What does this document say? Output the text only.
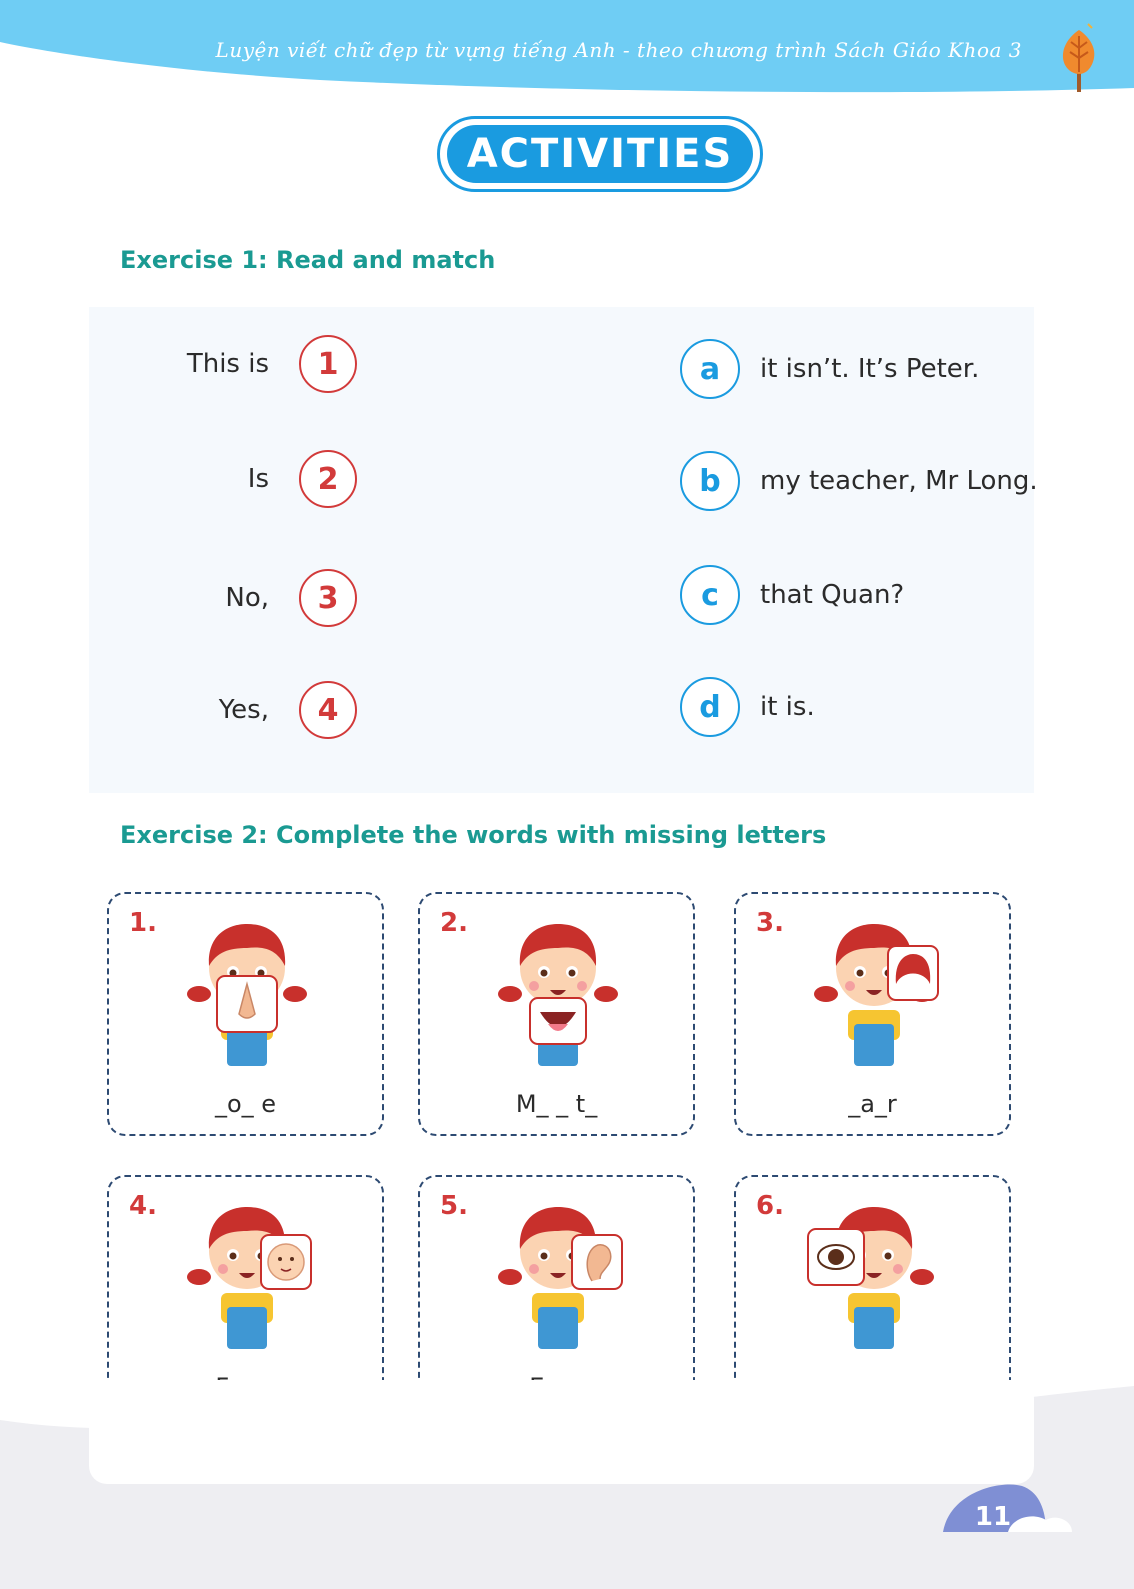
Luyện viết chữ đẹp từ vựng tiếng Anh - theo chương trình Sách Giáo Khoa 3
ACTIVITIES
Exercise 1: Read and match
This is	1
Is	2
No,	3
Yes,	4
a	it isn’t. It’s Peter.
b	my teacher, Mr Long.
c	that Quan?
d	it is.
Exercise 2: Complete the words with missing letters
1.
_o_ e
2.
M_ _ t_
3.
_a_r
4.	5.	6.
11
